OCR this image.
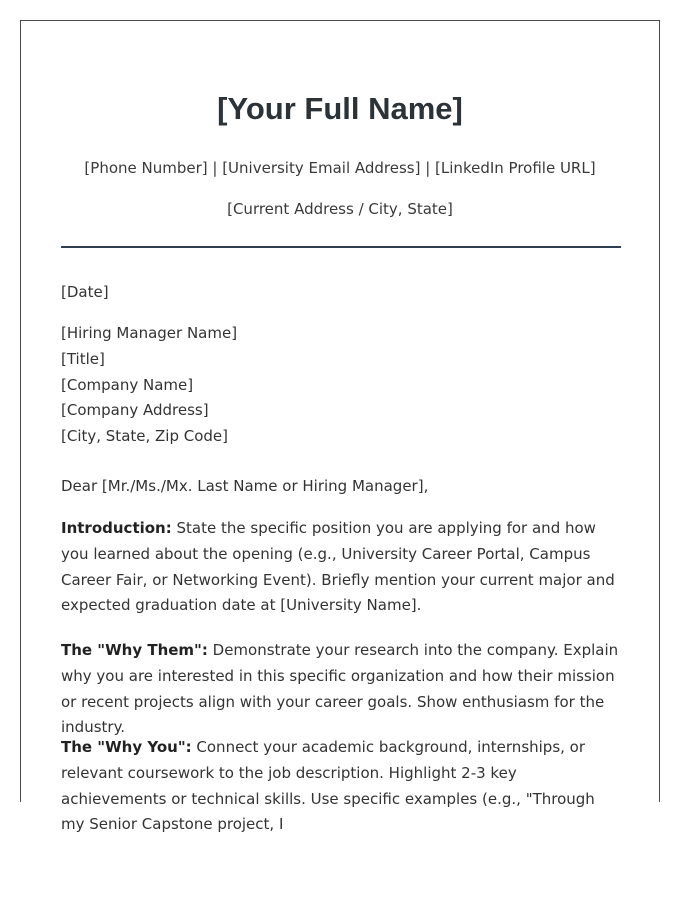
[Your Full Name]
[Phone Number] | [University Email Address] | [LinkedIn Profile URL]
[Current Address / City, State]
[Date]
[Hiring Manager Name]
[Title]
[Company Name]
[Company Address]
[City, State, Zip Code]
Dear [Mr./Ms./Mx. Last Name or Hiring Manager],

Introduction: State the specific position you are applying for and how you learned about the opening (e.g., University Career Portal, Campus Career Fair, or Networking Event). Briefly mention your current major and expected graduation date at [University Name].

The "Why Them": Demonstrate your research into the company. Explain why you are interested in this specific organization and how their mission or recent projects align with your career goals. Show enthusiasm for the industry.

The "Why You": Connect your academic background, internships, or relevant coursework to the job description. Highlight 2-3 key achievements or technical skills. Use specific examples (e.g., "Through my Senior Capstone project, I
